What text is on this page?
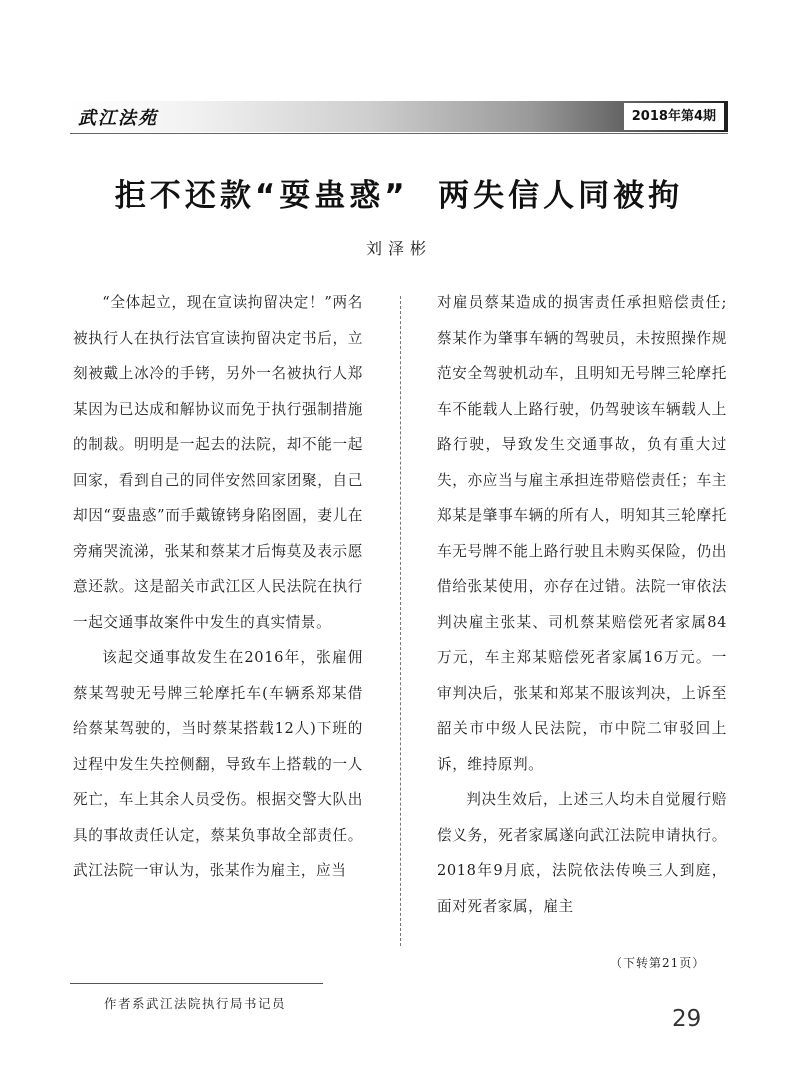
武江法苑	2018年第4期
拒不还款“耍蛊惑”  两失信人同被拘
刘泽彬

“全体起立，现在宣读拘留决定！”两名被执行人在执行法官宣读拘留决定书后，立刻被戴上冰冷的手铐，另外一名被执行人郑某因为已达成和解协议而免于执行强制措施的制裁。明明是一起去的法院，却不能一起回家，看到自己的同伴安然回家团聚，自己却因“耍蛊惑”而手戴镣铐身陷囹圄，妻儿在旁痛哭流涕，张某和蔡某才后悔莫及表示愿意还款。这是韶关市武江区人民法院在执行一起交通事故案件中发生的真实情景。

该起交通事故发生在2016年，张雇佣蔡某驾驶无号牌三轮摩托车(车辆系郑某借给蔡某驾驶的，当时蔡某搭载12人)下班的过程中发生失控侧翻，导致车上搭载的一人死亡，车上其余人员受伤。根据交警大队出具的事故责任认定，蔡某负事故全部责任。武江法院一审认为，张某作为雇主，应当

对雇员蔡某造成的损害责任承担赔偿责任;蔡某作为肇事车辆的驾驶员，未按照操作规范安全驾驶机动车，且明知无号牌三轮摩托车不能载人上路行驶，仍驾驶该车辆载人上路行驶，导致发生交通事故，负有重大过失，亦应当与雇主承担连带赔偿责任；车主郑某是肇事车辆的所有人，明知其三轮摩托车无号牌不能上路行驶且未购买保险，仍出借给张某使用，亦存在过错。法院一审依法判决雇主张某、司机蔡某赔偿死者家属84万元，车主郑某赔偿死者家属16万元。一审判决后，张某和郑某不服该判决，上诉至韶关市中级人民法院，市中院二审驳回上诉，维持原判。

判决生效后，上述三人均未自觉履行赔偿义务，死者家属遂向武江法院申请执行。2018年9月底，法院依法传唤三人到庭，面对死者家属，雇主

（下转第21页）
作者系武江法院执行局书记员
29
